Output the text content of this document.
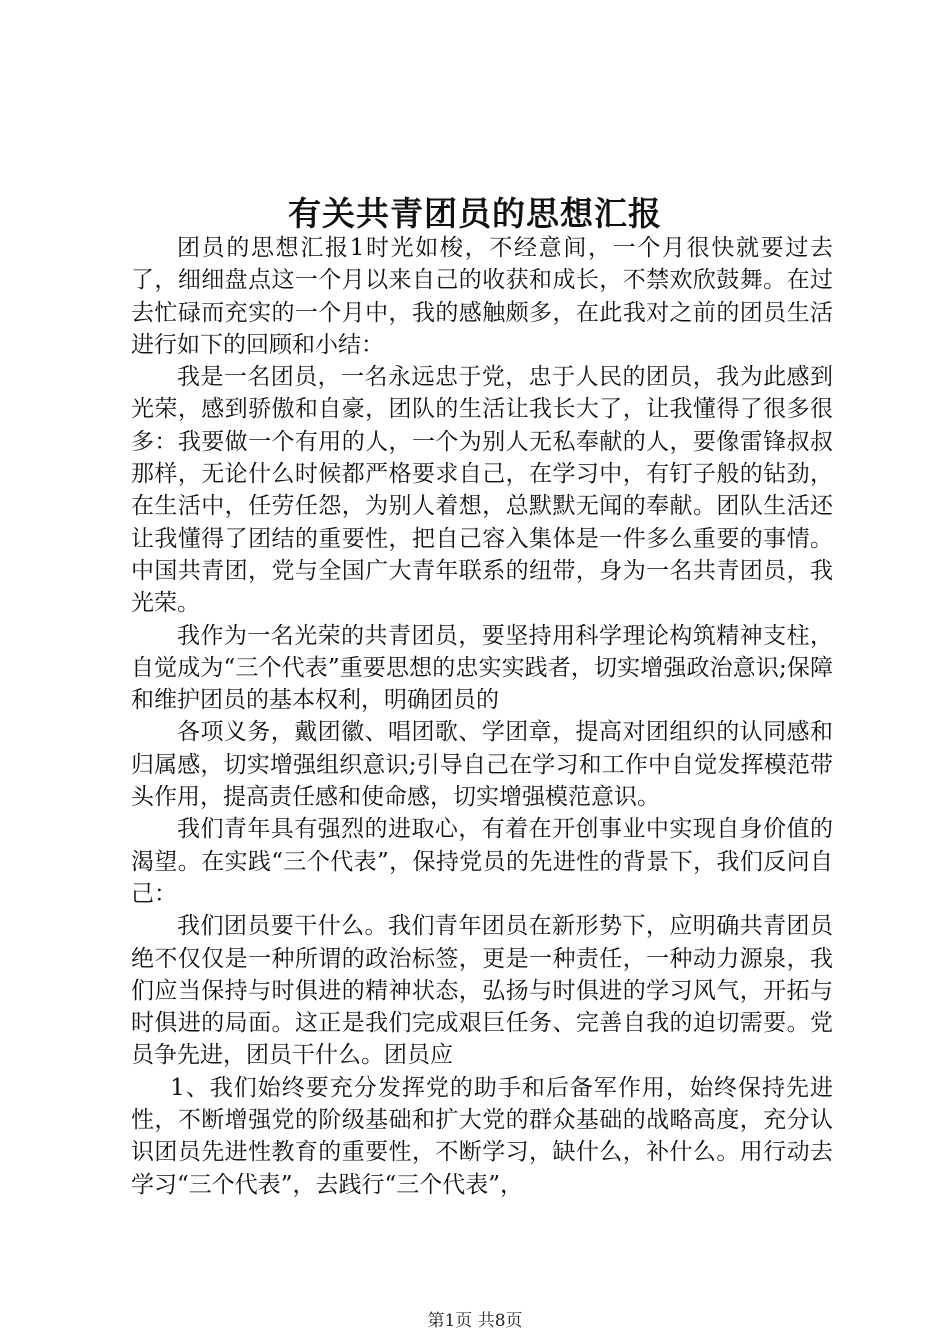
有关共青团员的思想汇报

团员的思想汇报1时光如梭，不经意间，一个月很快就要过去了，细细盘点这一个月以来自己的收获和成长，不禁欢欣鼓舞。在过去忙碌而充实的一个月中，我的感触颇多，在此我对之前的团员生活进行如下的回顾和小结：

我是一名团员，一名永远忠于党，忠于人民的团员，我为此感到光荣，感到骄傲和自豪，团队的生活让我长大了，让我懂得了很多很多：我要做一个有用的人，一个为别人无私奉献的人，要像雷锋叔叔那样，无论什么时候都严格要求自己，在学习中，有钉子般的钻劲，在生活中，任劳任怨，为别人着想，总默默无闻的奉献。团队生活还让我懂得了团结的重要性，把自己容入集体是一件多么重要的事情。中国共青团，党与全国广大青年联系的纽带，身为一名共青团员，我光荣。

我作为一名光荣的共青团员，要坚持用科学理论构筑精神支柱，自觉成为“三个代表”重要思想的忠实实践者，切实增强政治意识;保障和维护团员的基本权利，明确团员的

各项义务，戴团徽、唱团歌、学团章，提高对团组织的认同感和归属感，切实增强组织意识;引导自己在学习和工作中自觉发挥模范带头作用，提高责任感和使命感，切实增强模范意识。

我们青年具有强烈的进取心，有着在开创事业中实现自身价值的渴望。在实践“三个代表”，保持党员的先进性的背景下，我们反问自己：

我们团员要干什么。我们青年团员在新形势下，应明确共青团员绝不仅仅是一种所谓的政治标签，更是一种责任，一种动力源泉，我们应当保持与时俱进的精神状态，弘扬与时俱进的学习风气，开拓与时俱进的局面。这正是我们完成艰巨任务、完善自我的迫切需要。党员争先进，团员干什么。团员应

1、我们始终要充分发挥党的助手和后备军作用，始终保持先进性，不断增强党的阶级基础和扩大党的群众基础的战略高度，充分认识团员先进性教育的重要性，不断学习，缺什么，补什么。用行动去学习“三个代表”，去践行“三个代表”，

第1页 共8页
